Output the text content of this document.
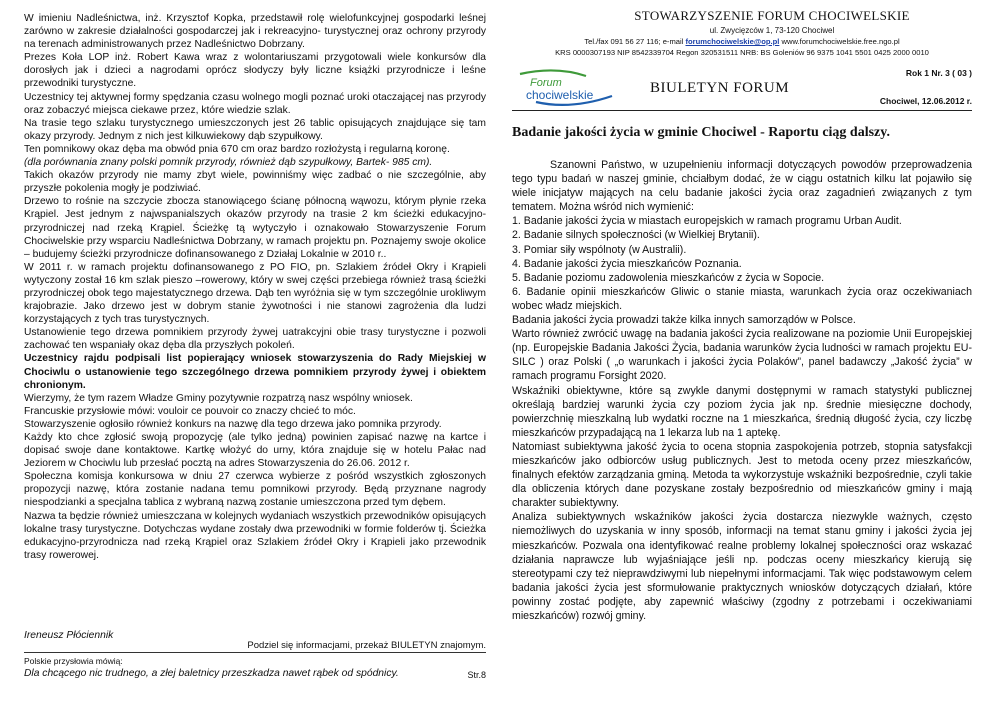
W imieniu Nadleśnictwa, inż. Krzysztof Kopka, przedstawił rolę wielofunkcyjnej gospodarki leśnej zarówno w zakresie działalności gospodarczej jak i rekreacyjno- turystycznej oraz ochrony przyrody na terenach administrowanych przez Nadleśnictwo Dobrzany.

Prezes Koła LOP inż. Robert Kawa wraz z wolontariuszami przygotowali wiele konkursów dla dorosłych jak i dzieci a nagrodami oprócz słodyczy były liczne książki przyrodnicze i leśne przewodniki turystyczne.

Uczestnicy tej aktywnej formy spędzania czasu wolnego mogli poznać uroki otaczającej nas przyrody oraz zobaczyć miejsca ciekawe przez, które wiedzie szlak.

Na trasie tego szlaku turystycznego umieszczonych jest 26 tablic opisujących znajdujące się tam okazy przyrody. Jednym z nich jest kilkuwiekowy dąb szypułkowy.

Ten pomnikowy okaz dęba ma obwód pnia 670 cm oraz bardzo rozłożystą i regularną koronę.

(dla porównania znany polski pomnik przyrody, również dąb szypułkowy, Bartek- 985 cm).

Takich okazów przyrody nie mamy zbyt wiele, powinniśmy więc zadbać o nie szczególnie, aby przyszłe pokolenia mogły je podziwiać.

Drzewo to rośnie na szczycie zbocza stanowiącego ścianę północną wąwozu, którym płynie rzeka Krąpiel. Jest jednym z najwspanialszych okazów przyrody na trasie 2 km ścieżki edukacyjno-przyrodniczej nad rzeką Krąpiel. Ścieżkę tą wytyczyło i oznakowało Stowarzyszenie Forum Chociwelskie przy wsparciu Nadleśnictwa Dobrzany, w ramach projektu pn. Poznajemy swoje okolice – budujemy ścieżki przyrodnicze dofinansowanego z Działaj Lokalnie w 2010 r..

W 2011 r. w ramach projektu dofinansowanego z PO FIO, pn. Szlakiem źródeł Okry i Krąpieli wytyczony został 16 km szlak pieszo –rowerowy, który w swej części przebiega również trasą ścieżki przyrodniczej obok tego majestatycznego drzewa. Dąb ten wyróżnia się w tym szczególnie urokliwym krajobrazie. Jako drzewo jest w dobrym stanie żywotności i nie stanowi zagrożenia dla ludzi korzystających z tych tras turystycznych.

Ustanowienie tego drzewa pomnikiem przyrody żywej uatrakcyjni obie trasy turystyczne i pozwoli zachować ten wspaniały okaz dęba dla przyszłych pokoleń.

Uczestnicy rajdu podpisali list popierający wniosek stowarzyszenia do Rady Miejskiej w Chociwlu o ustanowienie tego szczególnego drzewa pomnikiem przyrody żywej i obiektem chronionym.

Wierzymy, że tym razem Władze Gminy pozytywnie rozpatrzą nasz wspólny wniosek.

Francuskie przysłowie mówi: vouloir ce pouvoir co znaczy chcieć to móc.

Stowarzyszenie ogłosiło również konkurs na nazwę dla tego drzewa jako pomnika przyrody.

Każdy kto chce zgłosić swoją propozycję (ale tylko jedną) powinien zapisać nazwę na kartce i dopisać swoje dane kontaktowe. Kartkę włożyć do urny, która znajduje się w hotelu Pałac nad Jeziorem w Chociwlu lub przesłać pocztą na adres Stowarzyszenia do 26.06. 2012 r.

Społeczna komisja konkursowa w dniu 27 czerwca wybierze z pośród wszystkich zgłoszonych propozycji nazwę, która zostanie nadana temu pomnikowi przyrody. Będą przyznane nagrody niespodzianki a specjalna tablica z wybraną nazwą zostanie umieszczona przed tym dębem.

Nazwa ta będzie również umieszczana w kolejnych wydaniach wszystkich przewodników opisujących lokalne trasy turystyczne. Dotychczas wydane zostały dwa przewodniki w formie folderów tj. Ścieżka edukacyjno-przyrodnicza nad rzeką Krąpiel oraz Szlakiem źródeł Okry i Krąpieli jako przewodnik trasy rowerowej.

Ireneusz Płóciennik
Podziel się informacjami, przekaż BIULETYN znajomym.
Polskie przysłowia mówią:
Dla chcącego nic trudnego, a złej baletnicy przeszkadza nawet rąbek od spódnicy.	Str.8
STOWARZYSZENIE FORUM CHOCIWELSKIE
ul. Zwycięzców 1, 73-120 Chociwel
Tel./fax 091 56 27 116; e-mail forumchociwelskie@op.pl www.forumchociwelskie.free.ngo.pl
KRS 0000307193 NIP 8542339704 Regon 320531511 NRB: BS Goleniów 96 9375 1041 5501 0425 2000 0010
Forum
chociwelskie
Rok 1 Nr. 3 ( 03 )
BIULETYN FORUM
Chociwel, 12.06.2012 r.
Badanie jakości życia w gminie Chociwel - Raportu ciąg dalszy.

Szanowni Państwo, w uzupełnieniu informacji dotyczących powodów przeprowadzenia tego typu badań w naszej gminie, chciałbym dodać, że w ciągu ostatnich kilku lat pojawiło się wiele inicjatyw mających na celu badanie jakości życia oraz zagadnień związanych z tym tematem. Można wśród nich wymienić:

1. Badanie jakości życia w miastach europejskich w ramach programu Urban Audit.

2. Badanie silnych społeczności (w Wielkiej Brytanii).

3. Pomiar siły wspólnoty (w Australii).

4. Badanie jakości życia mieszkańców Poznania.

5. Badanie poziomu zadowolenia mieszkańców z życia w Sopocie.

6. Badanie opinii mieszkańców Gliwic o stanie miasta, warunkach życia oraz oczekiwaniach wobec władz miejskich.

Badania jakości życia prowadzi także kilka innych samorządów w Polsce.

Warto również zwrócić uwagę na badania jakości życia realizowane na poziomie Unii Europejskiej (np. Europejskie Badania Jakości Życia, badania warunków życia ludności w ramach projektu EU-SILC ) oraz Polski ( „o warunkach i jakości życia Polaków”, panel badawczy „Jakość życia” w ramach programu Forsight 2020.

Wskaźniki obiektywne, które są zwykle danymi dostępnymi w ramach statystyki publicznej określają bardziej warunki życia czy poziom życia jak np. średnie miesięczne dochody, powierzchnię mieszkalną lub wydatki roczne na 1 mieszkańca, średnią długość życia, czy liczbę mieszkańców przypadającą na 1 lekarza lub na 1 aptekę.

Natomiast subiektywna jakość życia to ocena stopnia zaspokojenia potrzeb, stopnia satysfakcji mieszkańców jako odbiorców usług publicznych. Jest to metoda oceny przez mieszkańców, finalnych efektów zarządzania gminą. Metoda ta wykorzystuje wskaźniki bezpośrednie, czyli takie dla obliczenia których dane pozyskane zostały bezpośrednio od mieszkańców gminy i mają charakter subiektywny.

Analiza subiektywnych wskaźników jakości życia dostarcza niezwykle ważnych, często niemożliwych do uzyskania w inny sposób, informacji na temat stanu gminy i jakości życia jej mieszkańców. Pozwala ona identyfikować realne problemy lokalnej społeczności oraz wskazać działania naprawcze lub wyjaśniające jeśli np. podczas oceny mieszkańcy kierują się stereotypami czy też nieprawdziwymi lub niepełnymi informacjami. Tak więc podstawowym celem badania jakości życia jest sformułowanie praktycznych wniosków dotyczących działań, które powinny zostać podjęte, aby zapewnić właściwy (zgodny z potrzebami i oczekiwaniami mieszkańców) rozwój gminy.
